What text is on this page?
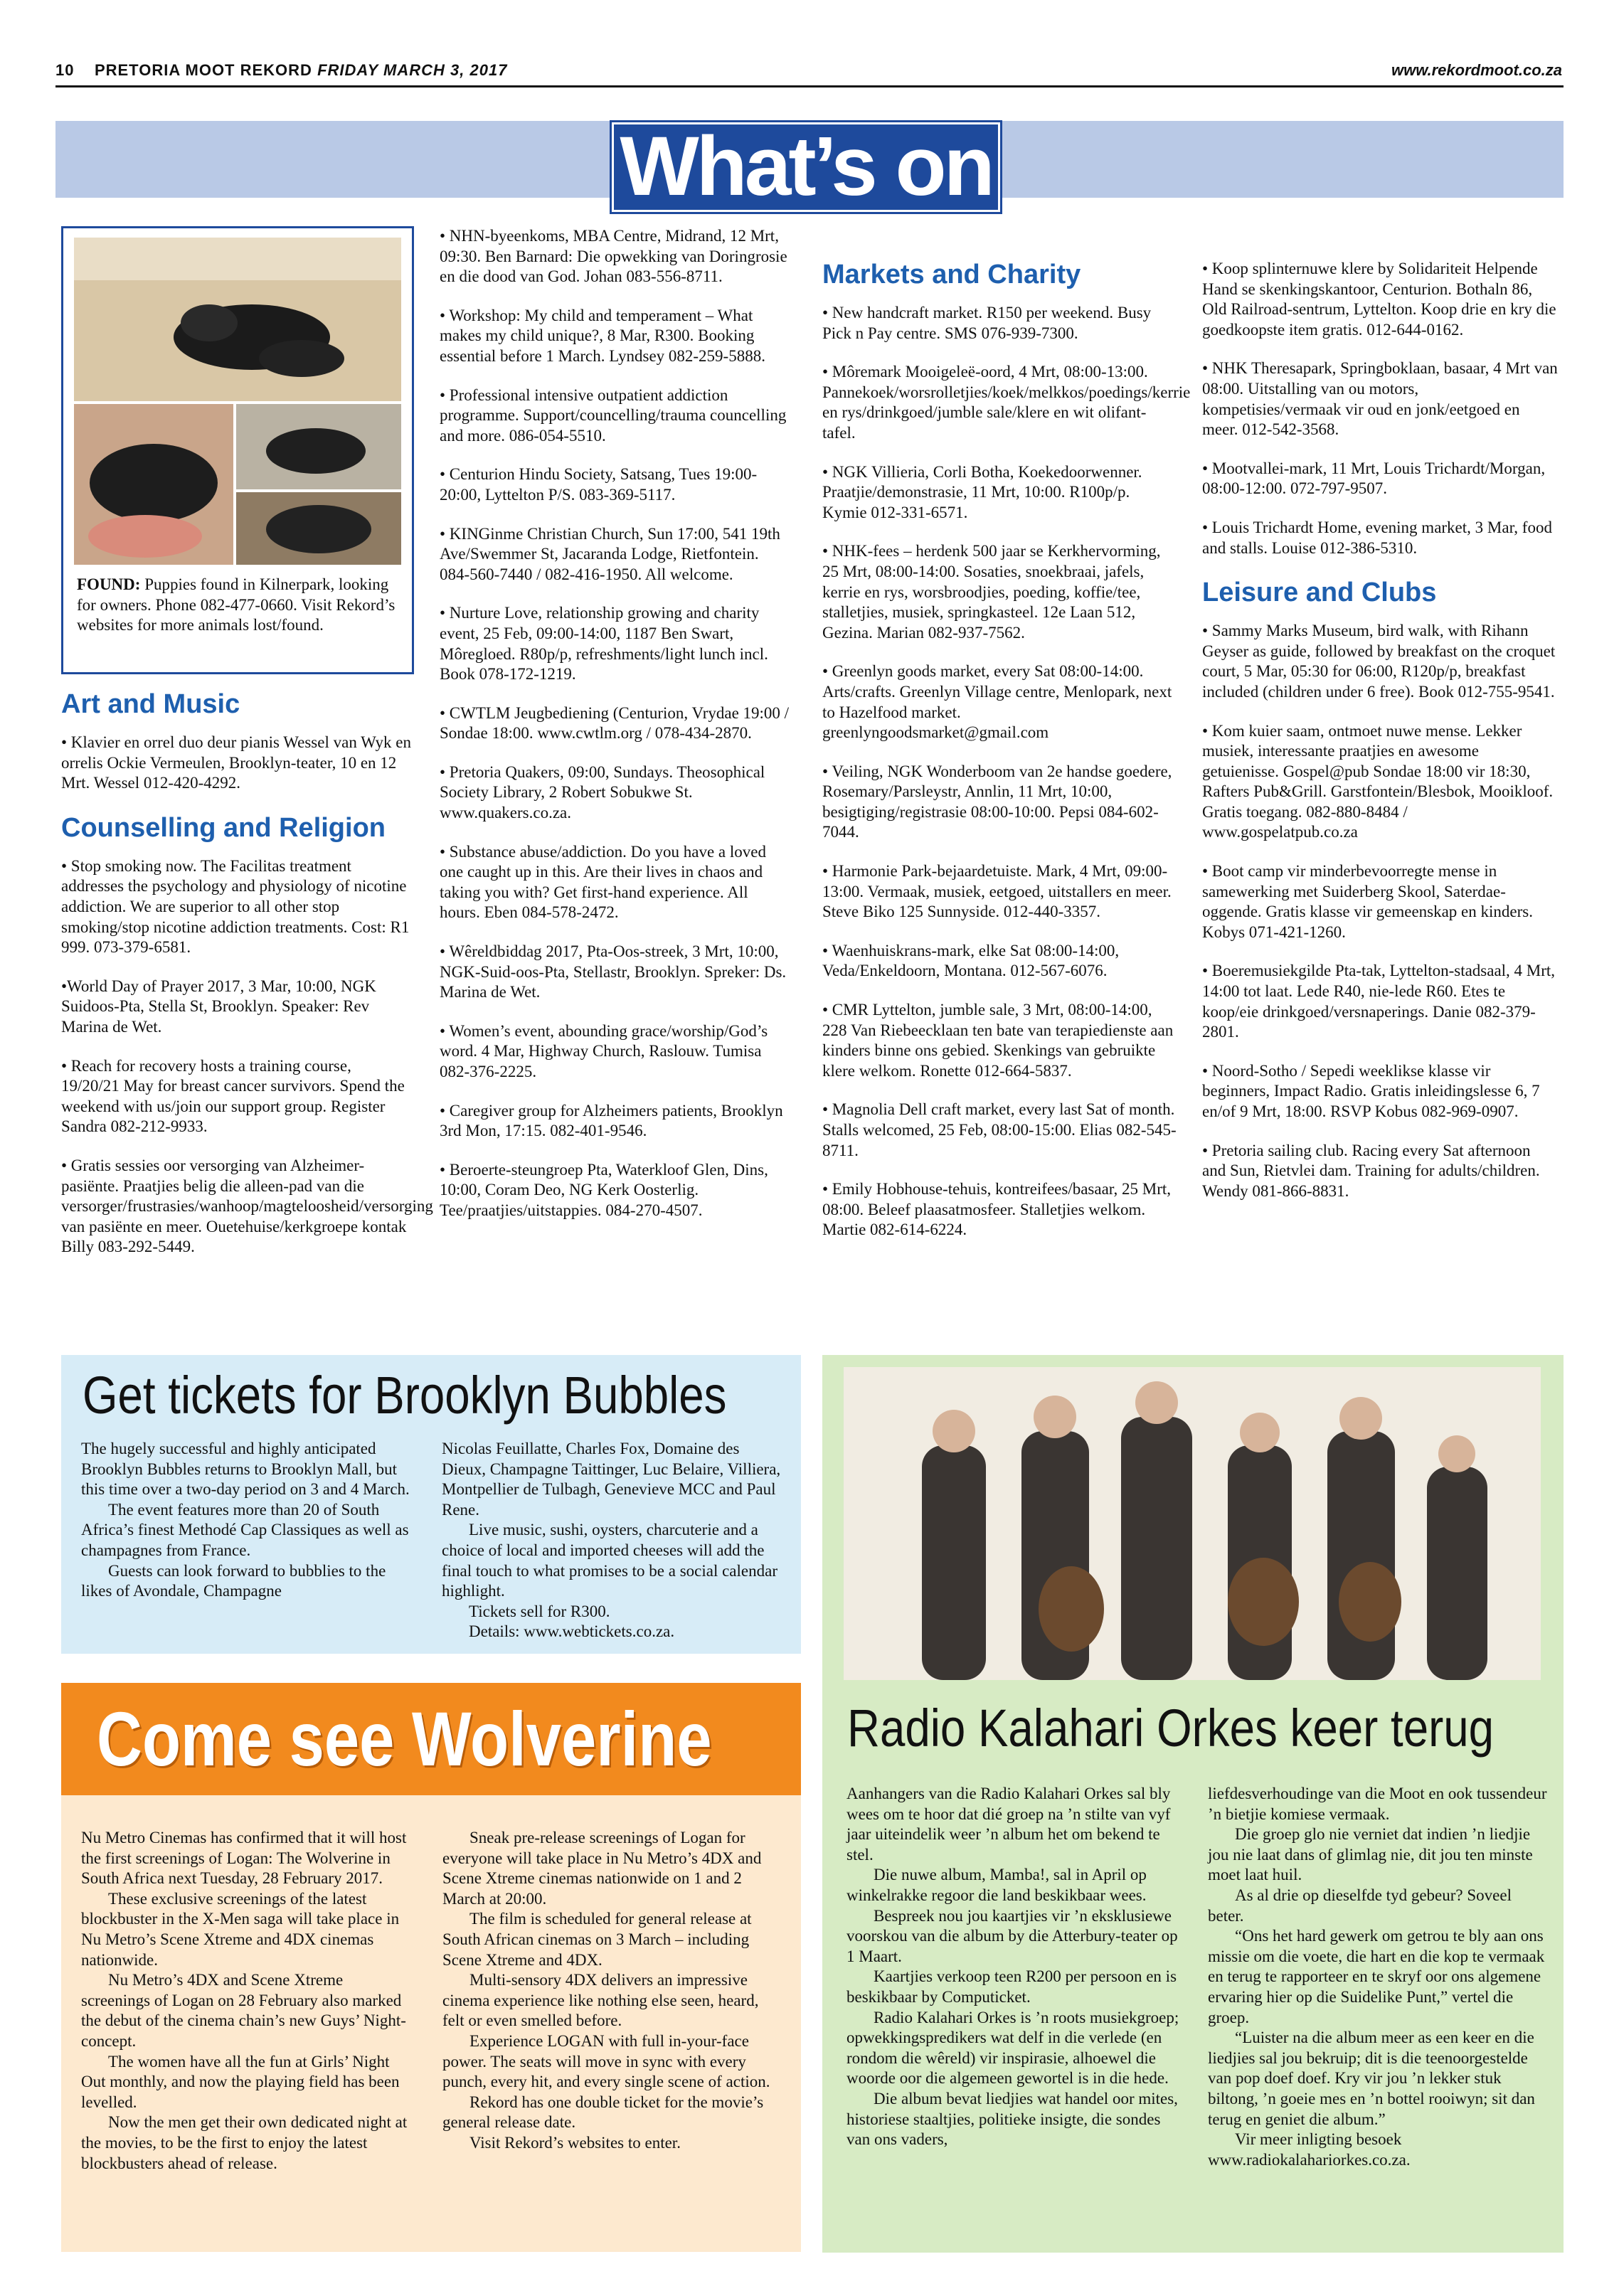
10 PRETORIA MOOT REKORD FRIDAY MARCH 3, 2017	www.rekordmoot.co.za
What’s on
FOUND: Puppies found in Kilnerpark, looking for owners. Phone 082-477-0660. Visit Rekord’s websites for more animals lost/found.
Art and Music

• Klavier en orrel duo deur pianis Wessel van Wyk en orrelis Ockie Vermeulen, Brooklyn-teater, 10 en 12 Mrt. Wessel 012-420-4292.

Counselling and Religion

• Stop smoking now. The Facilitas treatment addresses the psychology and physiology of nicotine addiction. We are superior to all other stop smoking/stop nicotine addiction treatments. Cost: R1 999. 073-379-6581.

•World Day of Prayer 2017, 3 Mar, 10:00, NGK Suidoos-Pta, Stella St, Brooklyn. Speaker: Rev Marina de Wet.

• Reach for recovery hosts a training course, 19/20/21 May for breast cancer survivors. Spend the weekend with us/join our support group. Register Sandra 082-212-9933.

• Gratis sessies oor versorging van Alzheimer-pasiënte. Praatjies belig die alleen-pad van die versorger/frustrasies/wanhoop/magteloosheid/versorging van pasiënte en meer. Ouetehuise/kerkgroepe kontak Billy 083-292-5449.

• NHN-byeenkoms, MBA Centre, Midrand, 12 Mrt, 09:30. Ben Barnard: Die opwekking van Doringrosie en die dood van God. Johan 083-556-8711.

• Workshop: My child and temperament – What makes my child unique?, 8 Mar, R300. Booking essential before 1 March. Lyndsey 082-259-5888.

• Professional intensive outpatient addiction programme. Support/councelling/trauma councelling and more. 086-054-5510.

• Centurion Hindu Society, Satsang, Tues 19:00-20:00, Lyttelton P/S. 083-369-5117.

• KINGinme Christian Church, Sun 17:00, 541 19th Ave/Swemmer St, Jacaranda Lodge, Rietfontein. 084-560-7440 / 082-416-1950. All welcome.

• Nurture Love, relationship growing and charity event, 25 Feb, 09:00-14:00, 1187 Ben Swart, Môregloed. R80p/p, refreshments/light lunch incl. Book 078-172-1219.

• CWTLM Jeugbediening (Centurion, Vrydae 19:00 / Sondae 18:00. www.cwtlm.org / 078-434-2870.

• Pretoria Quakers, 09:00, Sundays. Theosophical Society Library, 2 Robert Sobukwe St. www.quakers.co.za.

• Substance abuse/addiction. Do you have a loved one caught up in this. Are their lives in chaos and taking you with? Get first-hand experience. All hours. Eben 084-578-2472.

• Wêreldbiddag 2017, Pta-Oos-streek, 3 Mrt, 10:00, NGK-Suid-oos-Pta, Stellastr, Brooklyn. Spreker: Ds. Marina de Wet.

• Women’s event, abounding grace/worship/God’s word. 4 Mar, Highway Church, Raslouw. Tumisa 082-376-2225.

• Caregiver group for Alzheimers patients, Brooklyn 3rd Mon, 17:15. 082-401-9546.

• Beroerte-steungroep Pta, Waterkloof Glen, Dins, 10:00, Coram Deo, NG Kerk Oosterlig. Tee/praatjies/uitstappies. 084-270-4507.

Markets and Charity

• New handcraft market. R150 per weekend. Busy Pick n Pay centre. SMS 076-939-7300.

• Môremark Mooigeleë-oord, 4 Mrt, 08:00-13:00. Pannekoek/worsrolletjies/koek/melkkos/poedings/kerrie en rys/drinkgoed/jumble sale/klere en wit olifant-tafel.

• NGK Villieria, Corli Botha, Koekedoorwenner. Praatjie/demonstrasie, 11 Mrt, 10:00. R100p/p. Kymie 012-331-6571.

• NHK-fees – herdenk 500 jaar se Kerkhervorming, 25 Mrt, 08:00-14:00. Sosaties, snoekbraai, jafels, kerrie en rys, worsbroodjies, poeding, koffie/tee, stalletjies, musiek, springkasteel. 12e Laan 512, Gezina. Marian 082-937-7562.

• Greenlyn goods market, every Sat 08:00-14:00. Arts/crafts. Greenlyn Village centre, Menlopark, next to Hazelfood market. greenlyngoodsmarket@gmail.com

• Veiling, NGK Wonderboom van 2e handse goedere, Rosemary/Parsleystr, Annlin, 11 Mrt, 10:00, besigtiging/registrasie 08:00-10:00. Pepsi 084-602-7044.

• Harmonie Park-bejaardetuiste. Mark, 4 Mrt, 09:00-13:00. Vermaak, musiek, eetgoed, uitstallers en meer. Steve Biko 125 Sunnyside. 012-440-3357.

• Waenhuiskrans-mark, elke Sat 08:00-14:00, Veda/Enkeldoorn, Montana. 012-567-6076.

• CMR Lyttelton, jumble sale, 3 Mrt, 08:00-14:00, 228 Van Riebeecklaan ten bate van terapiedienste aan kinders binne ons gebied. Skenkings van gebruikte klere welkom. Ronette 012-664-5837.

• Magnolia Dell craft market, every last Sat of month. Stalls welcomed, 25 Feb, 08:00-15:00. Elias 082-545-8711.

• Emily Hobhouse-tehuis, kontreifees/basaar, 25 Mrt, 08:00. Beleef plaasatmosfeer. Stalletjies welkom. Martie 082-614-6224.

• Koop splinternuwe klere by Solidariteit Helpende Hand se skenkingskantoor, Centurion. Bothaln 86, Old Railroad-sentrum, Lyttelton. Koop drie en kry die goedkoopste item gratis. 012-644-0162.

• NHK Theresapark, Springboklaan, basaar, 4 Mrt van 08:00. Uitstalling van ou motors, kompetisies/vermaak vir oud en jonk/eetgoed en meer. 012-542-3568.

• Mootvallei-mark, 11 Mrt, Louis Trichardt/Morgan, 08:00-12:00. 072-797-9507.

• Louis Trichardt Home, evening market, 3 Mar, food and stalls. Louise 012-386-5310.

Leisure and Clubs

• Sammy Marks Museum, bird walk, with Rihann Geyser as guide, followed by breakfast on the croquet court, 5 Mar, 05:30 for 06:00, R120p/p, breakfast included (children under 6 free). Book 012-755-9541.

• Kom kuier saam, ontmoet nuwe mense. Lekker musiek, interessante praatjies en awesome getuienisse. Gospel@pub Sondae 18:00 vir 18:30, Rafters Pub&Grill. Garstfontein/Blesbok, Mooikloof. Gratis toegang. 082-880-8484 / www.gospelatpub.co.za

• Boot camp vir minderbevoorregte mense in samewerking met Suiderberg Skool, Saterdae-oggende. Gratis klasse vir gemeenskap en kinders. Kobys 071-421-1260.

• Boeremusiekgilde Pta-tak, Lyttelton-stadsaal, 4 Mrt, 14:00 tot laat. Lede R40, nie-lede R60. Etes te koop/eie drinkgoed/versnaperings. Danie 082-379-2801.

• Noord-Sotho / Sepedi weeklikse klasse vir beginners, Impact Radio. Gratis inleidingslesse 6, 7 en/of 9 Mrt, 18:00. RSVP Kobus 082-969-0907.

• Pretoria sailing club. Racing every Sat afternoon and Sun, Rietvlei dam. Training for adults/children. Wendy 081-866-8831.

Get tickets for Brooklyn Bubbles

The hugely successful and highly anticipated Brooklyn Bubbles returns to Brooklyn Mall, but this time over a two-day period on 3 and 4 March.

The event features more than 20 of South Africa’s finest Methodé Cap Classiques as well as champagnes from France.
Guests can look forward to bubblies to the likes of Avondale, Champagne

Nicolas Feuillatte, Charles Fox, Domaine des Dieux, Champagne Taittinger, Luc Belaire, Villiera, Montpellier de Tulbagh, Genevieve MCC and Paul Rene.

Live music, sushi, oysters, charcuterie and a choice of local and imported cheeses will add the final touch to what promises to be a social calendar highlight.
Tickets sell for R300.
Details: www.webtickets.co.za.
Come see Wolverine

Nu Metro Cinemas has confirmed that it will host the first screenings of Logan: The Wolverine in South Africa next Tuesday, 28 February 2017.

These exclusive screenings of the latest blockbuster in the X-Men saga will take place in Nu Metro’s Scene Xtreme and 4DX cinemas nationwide.
Nu Metro’s 4DX and Scene Xtreme screenings of Logan on 28 February also marked the debut of the cinema chain’s new Guys’ Night-concept.
The women have all the fun at Girls’ Night Out monthly, and now the playing field has been levelled.
Now the men get their own dedicated night at the movies, to be the first to enjoy the latest blockbusters ahead of release.
Sneak pre-release screenings of Logan for everyone will take place in Nu Metro’s 4DX and Scene Xtreme cinemas nationwide on 1 and 2 March at 20:00.
The film is scheduled for general release at South African cinemas on 3 March – including Scene Xtreme and 4DX.
Multi-sensory 4DX delivers an impressive cinema experience like nothing else seen, heard, felt or even smelled before.
Experience LOGAN with full in-your-face power. The seats will move in sync with every punch, every hit, and every single scene of action.
Rekord has one double ticket for the movie’s general release date.
Visit Rekord’s websites to enter.
Radio Kalahari Orkes keer terug

Aanhangers van die Radio Kalahari Orkes sal bly wees om te hoor dat dié groep na ’n stilte van vyf jaar uiteindelik weer ’n album het om bekend te stel.

Die nuwe album, Mamba!, sal in April op winkelrakke regoor die land beskikbaar wees.
Bespreek nou jou kaartjies vir ’n eksklusiewe voorskou van die album by die Atterbury-teater op 1 Maart.
Kaartjies verkoop teen R200 per persoon en is beskikbaar by Computicket.
Radio Kalahari Orkes is ’n roots musiekgroep; opwekkingspredikers wat delf in die verlede (en rondom die wêreld) vir inspirasie, alhoewel die woorde oor die algemeen gewortel is in die hede.
Die album bevat liedjies wat handel oor mites, historiese staaltjies, politieke insigte, die sondes van ons vaders,

liefdesverhoudinge van die Moot en ook tussendeur ’n bietjie komiese vermaak.

Die groep glo nie verniet dat indien ’n liedjie jou nie laat dans of glimlag nie, dit jou ten minste moet laat huil.
As al drie op dieselfde tyd gebeur? Soveel beter.
“Ons het hard gewerk om getrou te bly aan ons missie om die voete, die hart en die kop te vermaak en terug te rapporteer en te skryf oor ons algemene ervaring hier op die Suidelike Punt,” vertel die groep.
“Luister na die album meer as een keer en die liedjies sal jou bekruip; dit is die teenoorgestelde van pop doef doef. Kry vir jou ’n lekker stuk biltong, ’n goeie mes en ’n bottel rooiwyn; sit dan terug en geniet die album.”
Vir meer inligting besoek www.radiokalahariorkes.co.za.
